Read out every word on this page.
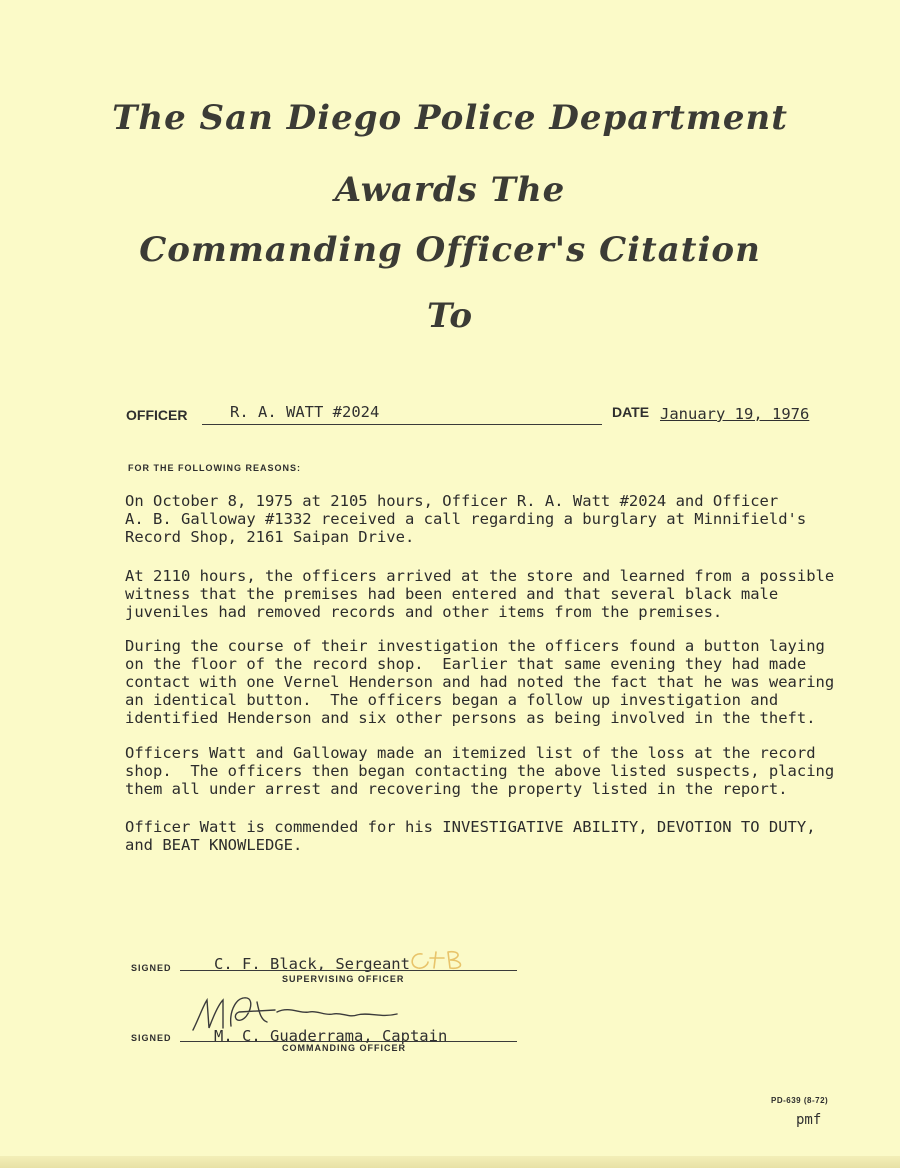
The San Diego Police Department
Awards The
Commanding Officer's Citation
To
OFFICER	R. A. WATT #2024	DATE January 19, 1976
FOR THE FOLLOWING REASONS:

On October 8, 1975 at 2105 hours, Officer R. A. Watt #2024 and Officer
A. B. Galloway #1332 received a call regarding a burglary at Minnifield's
Record Shop, 2161 Saipan Drive.

At 2110 hours, the officers arrived at the store and learned from a possible
witness that the premises had been entered and that several black male
juveniles had removed records and other items from the premises.

During the course of their investigation the officers found a button laying
on the floor of the record shop.  Earlier that same evening they had made
contact with one Vernel Henderson and had noted the fact that he was wearing
an identical button.  The officers began a follow up investigation and
identified Henderson and six other persons as being involved in the theft.

Officers Watt and Galloway made an itemized list of the loss at the record
shop.  The officers then began contacting the above listed suspects, placing
them all under arrest and recovering the property listed in the report.

Officer Watt is commended for his INVESTIGATIVE ABILITY, DEVOTION TO DUTY,
and BEAT KNOWLEDGE.

SIGNED	C. F. Black, Sergeant
SUPERVISING OFFICER
SIGNED	M. C. Guaderrama, Captain
COMMANDING OFFICER
PD-639 (8-72)
pmf
